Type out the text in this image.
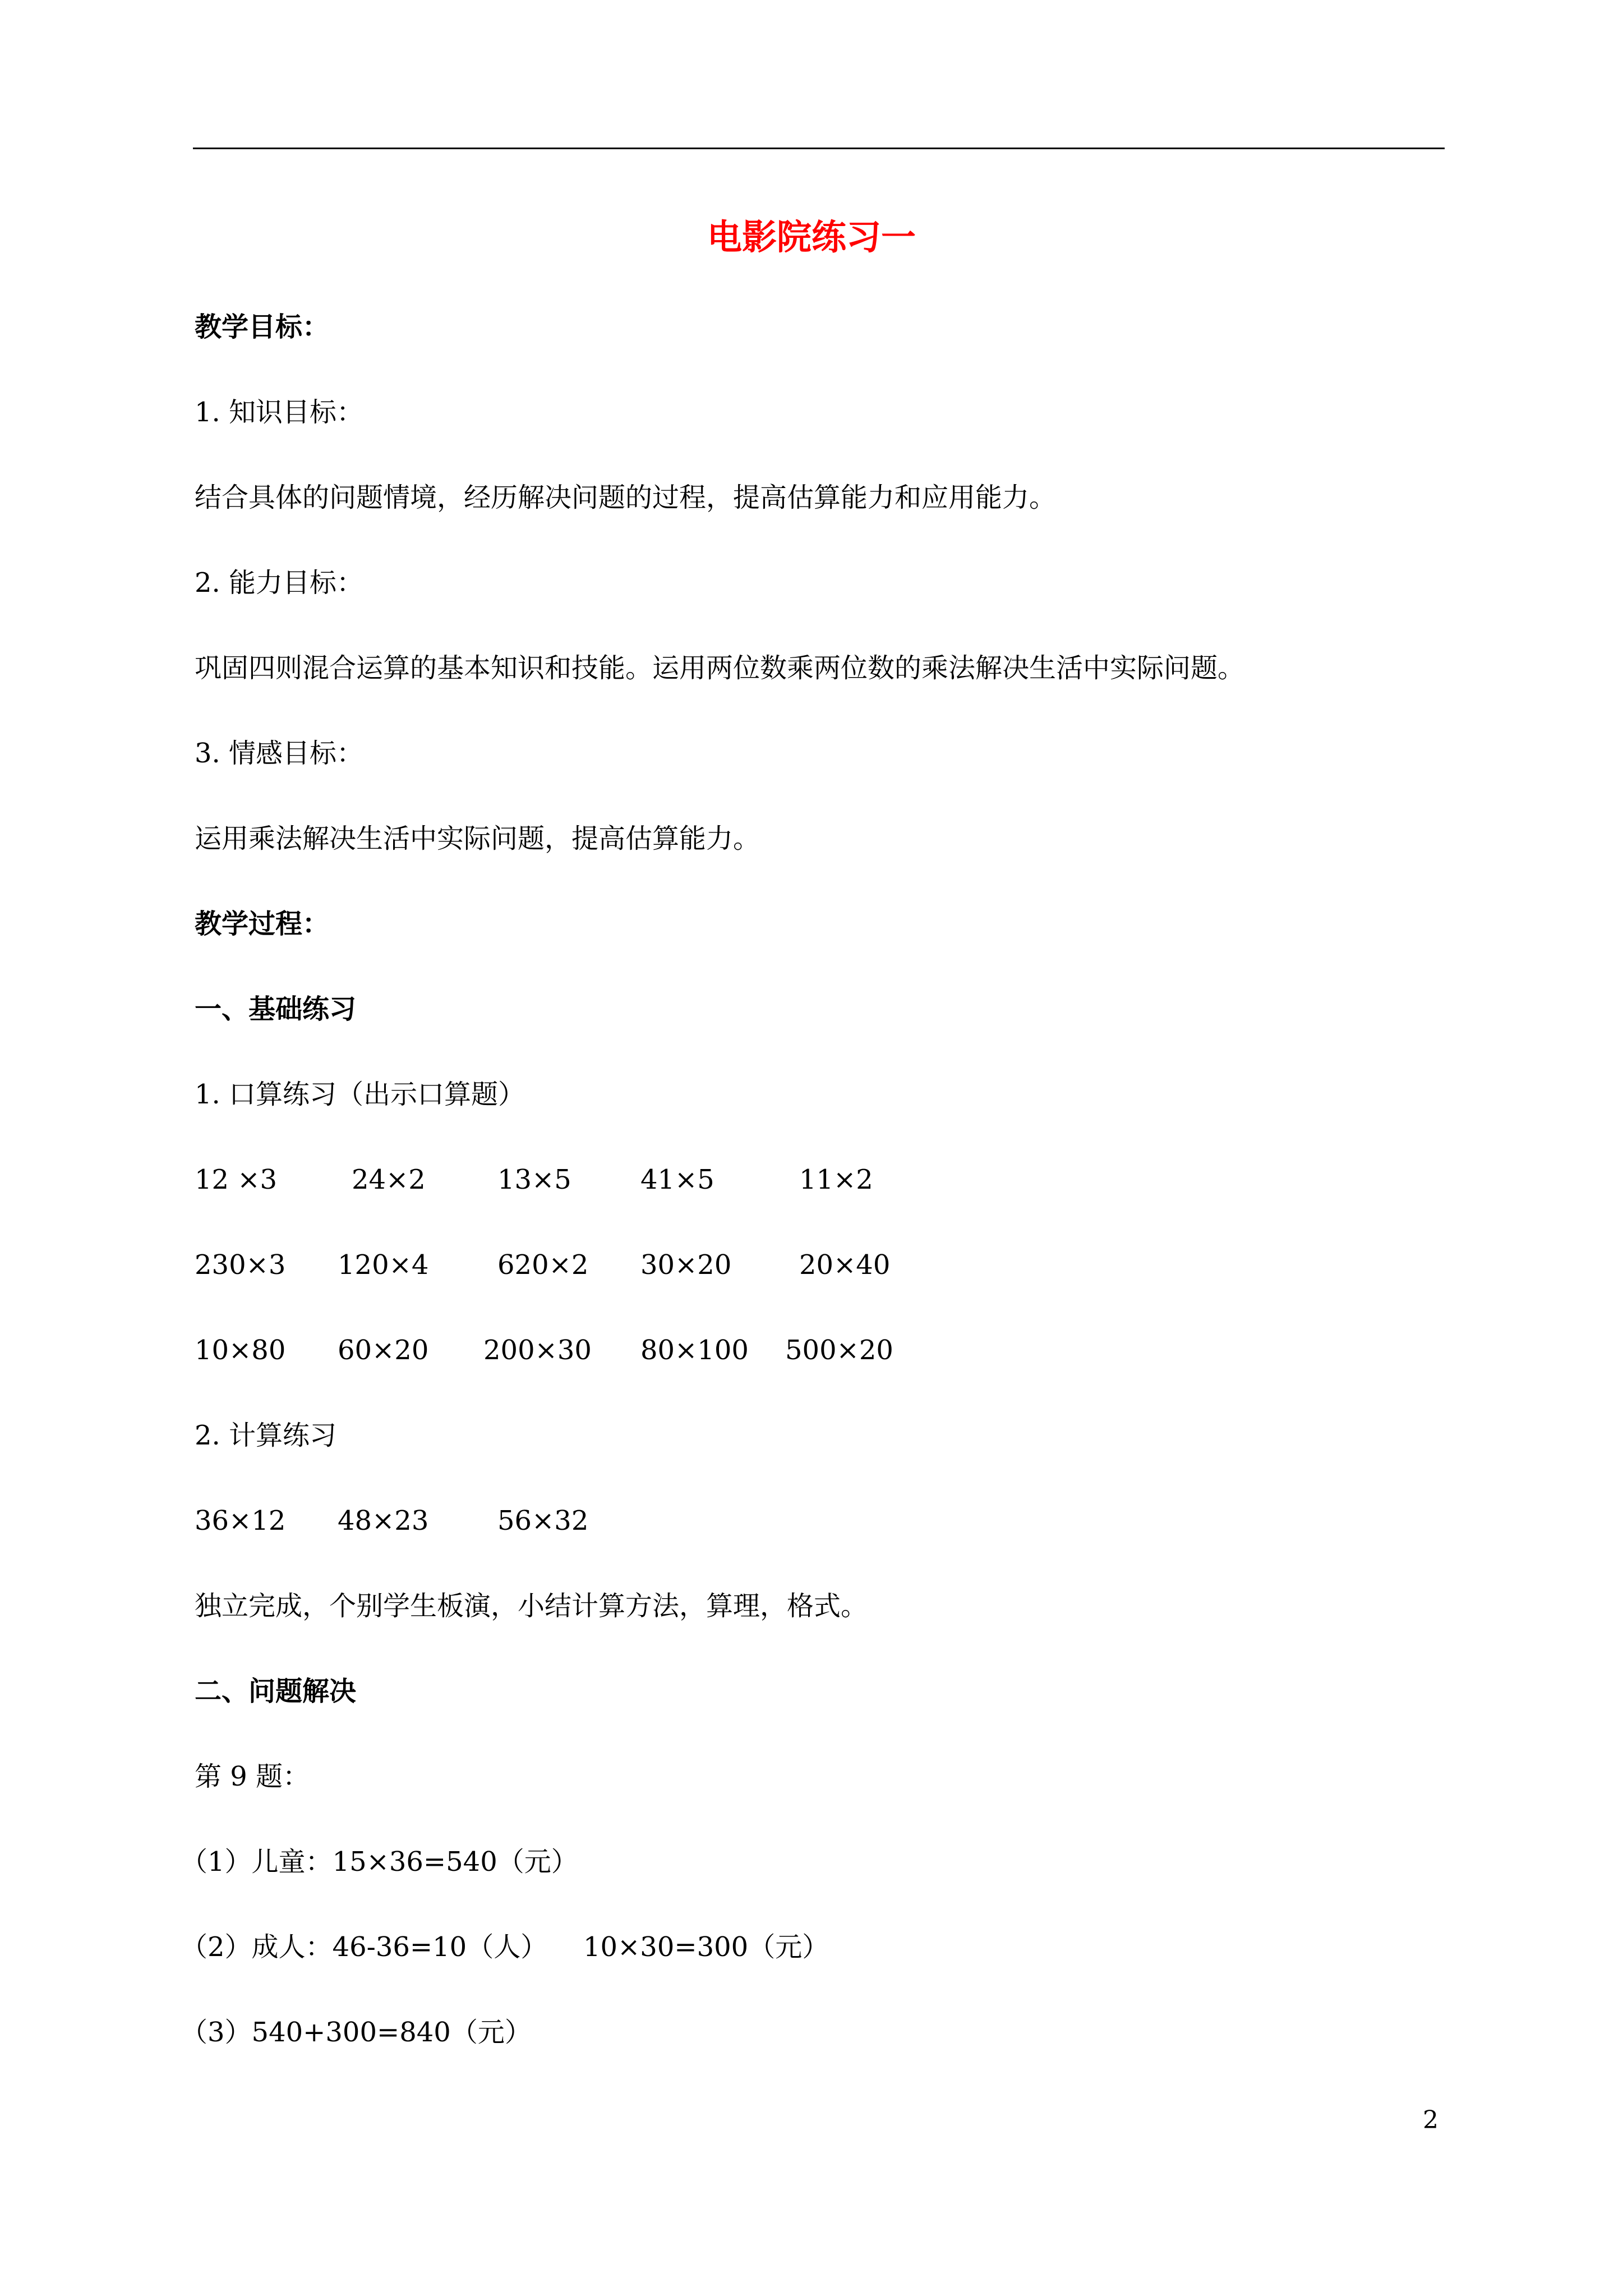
电影院练习一
教学目标：
1. 知识目标：
结合具体的问题情境，经历解决问题的过程，提高估算能力和应用能力。
2. 能力目标：
巩固四则混合运算的基本知识和技能。运用两位数乘两位数的乘法解决生活中实际问题。
3. 情感目标：
运用乘法解决生活中实际问题，提高估算能力。
教学过程：
一、基础练习
1. 口算练习（出示口算题）
12 ×3	24×2	13×5	41×5	11×2
230×3 120×4	620×2 30×20	20×40
10×80 60×20 200×30 80×100 500×20
2. 计算练习
36×12 48×23	56×32
独立完成，个别学生板演，小结计算方法，算理，格式。
二、问题解决
第 9 题：
（1）儿童：15×36=540（元）
（2）成人：46-36=10（人） 10×30=300（元）
（3）540+300=840（元）
2
